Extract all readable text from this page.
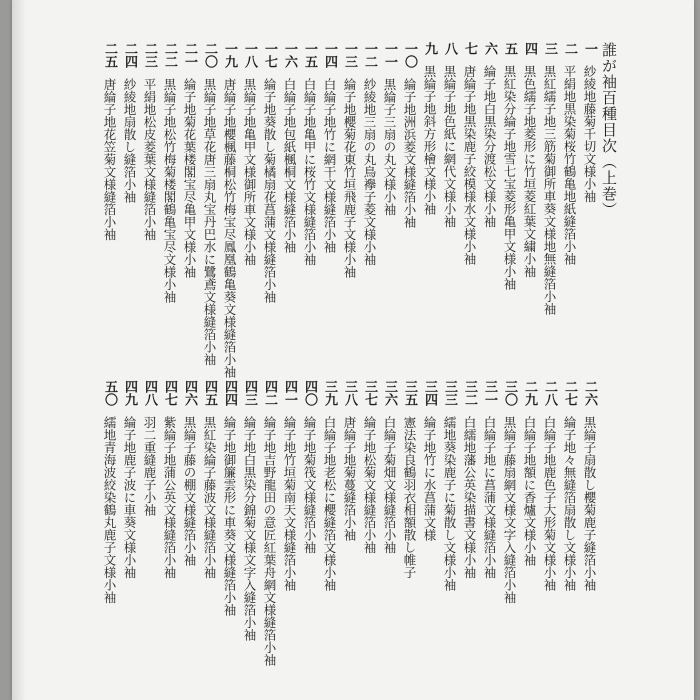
誰が袖百種目次（上巻）
一
紗綾地藤菊千切文様小袖
二
平絹地黒染菊桜竹鶴亀地紙縫箔小袖
三
黒紅繻子地三筋菊御所車葵文様地無縫箔小袖
四
黒色繻子地菱形に竹垣菱紅葉文繍小袖
五
黒紅染分綸子地雪七宝菱形亀甲文様小袖
六
綸子地白黒染分渡松文様小袖
七
唐綸子地黒染鹿子絞模様水文様小袖
八
黒綸子地色紙に網代文様小袖
九
黒綸子地斜方形檜文様小袖
一〇
綸子地洲浜菱文様縫箔小袖
一一
黒綸子三扇の丸文様小袖
一二
紗綾地三扇の丸鳥襷子菱文様小袖
一三
綸子地櫻菊花東竹垣飛鹿子文様小袖
一四
白綸子地竹に網干文様縫箔小袖
一五
白綸子地亀甲に桜竹文様縫箔小袖
一六
白綸子地包紙楓桐文様縫箔小袖
一七
綸子地葵散し菊橘扇花菖蒲文様縫箔小袖
一八
黒綸子地亀甲文様御所車文様小袖
一九
唐綸子地櫻楓藤桐松竹梅宝尽鳳凰鶴亀葵文様縫箔小袖
二〇
黒綸子地草花唐三扇丸宝丹巴水に鷺鳶文様縫箔小袖
二一
綸子地菊花葉楼閣宝尽亀甲文様小袖
二二
黒綸子地松竹梅菊楼閣鶴亀宝尽文様小袖
二三
平絹地松皮菱葉文様縫箔小袖
二四
紗綾地扇散し縫箔小袖
二五
唐綸子地花笠菊文様縫箔小袖
二六
黒綸子扇散し櫻菊鹿子縫箔小袖
二七
綸子地々無縫箔扇散し文様小袖
二八
白綸子地鹿色子大形菊文様小袖
二九
白綸子地額に香爐文様小袖
三〇
黒綸子藤扇網文様文字入縫箔小袖
三一
白綸子地に菖蒲文様縫箔小袖
三二
白繻地藩公英染描書文様小袖
三三
繻地葵染鹿子に菊散し文様小袖
三四
綸子地竹に水菖蒲文様
三五
憲法染良鶴羽衣相額散し帷子
三六
白綸子菊畑文様縫箔小袖
三七
綸子地松菊文様縫箔小袖
三八
唐綸子地菊蔓縫箔小袖
三九
白綸子地老松に櫻縫箔文様小袖
四〇
綸子地菊筏文様縫箔小袖
四一
綸子地竹垣菊南天文様縫箔小袖
四二
綸子地吉野龍田の意匠紅葉舟網文様縫箔小袖
四三
綸子地白黒染分錦菊文様文字入縫箔小袖
四四
綸子地御簾雲形に車葵文様縫箔小袖
四五
黒紅染綸子藤波文様縫箔小袖
四六
黒綸子藤の棚文様縫箔小袖
四七
紫綸子地蒲公英文様縫箔小袖
四八
羽二重縫鹿子小袖
四九
綸子地鹿子波に車葵文様小袖
五〇
繻地青海波絞染鶴丸鹿子文様小袖
